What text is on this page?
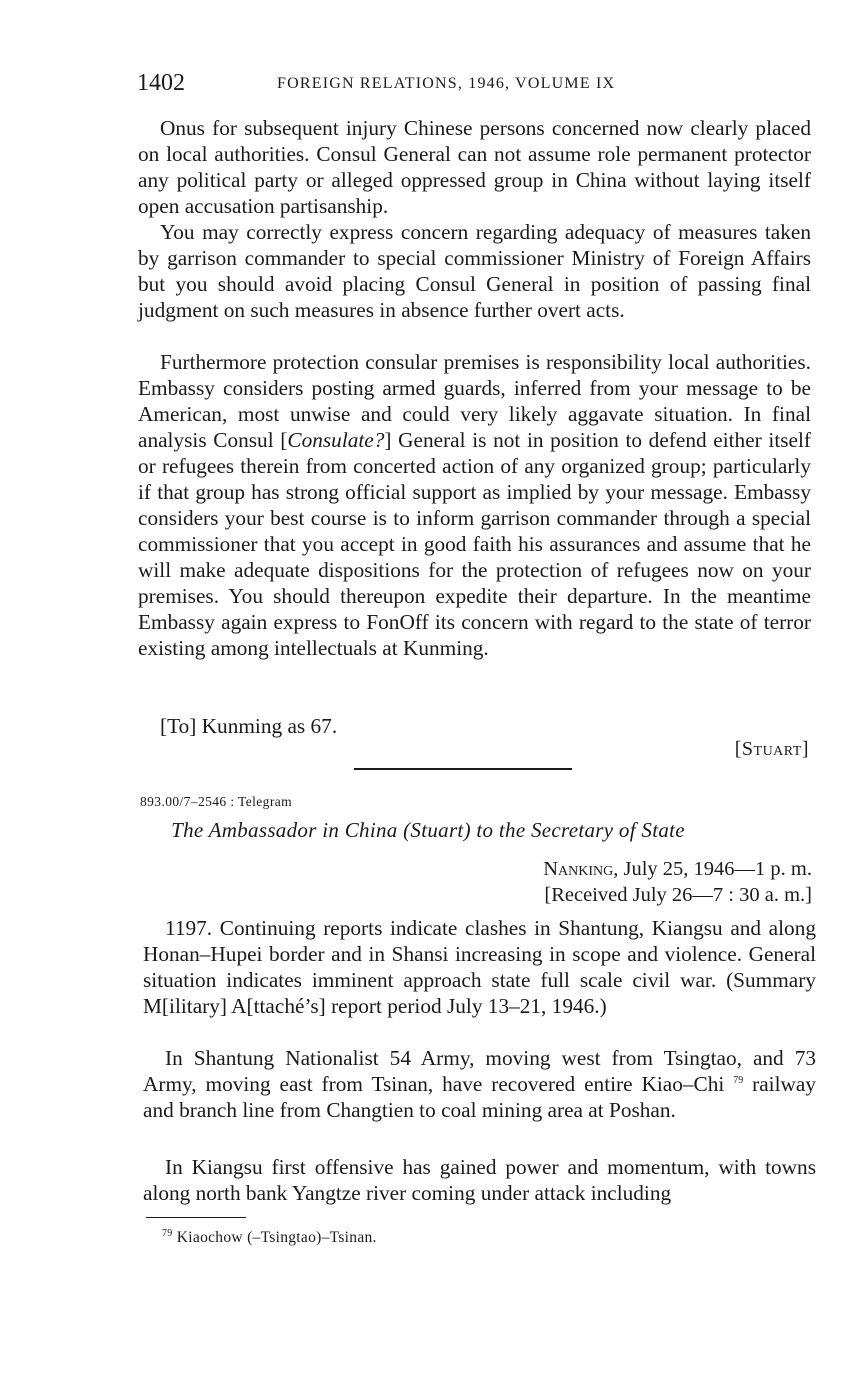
1402	FOREIGN RELATIONS, 1946, VOLUME IX

Onus for subsequent injury Chinese persons concerned now clearly placed on local authorities. Consul General can not assume role permanent protector any political party or alleged oppressed group in China without laying itself open accusation partisanship.

You may correctly express concern regarding adequacy of measures taken by garrison commander to special commissioner Ministry of Foreign Affairs but you should avoid placing Consul General in position of passing final judgment on such measures in absence further overt acts.

Furthermore protection consular premises is responsibility local authorities. Embassy considers posting armed guards, inferred from your message to be American, most unwise and could very likely aggavate situation. In final analysis Consul [Consulate?] General is not in position to defend either itself or refugees therein from concerted action of any organized group; particularly if that group has strong official support as implied by your message. Embassy considers your best course is to inform garrison commander through a special commissioner that you accept in good faith his assurances and assume that he will make adequate dispositions for the protection of refugees now on your premises. You should thereupon expedite their departure. In the meantime Embassy again express to FonOff its concern with regard to the state of terror existing among intellectuals at Kunming.

[To] Kunming as 67.

[Stuart]
893.00/7–2546 : Telegram
The Ambassador in China (Stuart) to the Secretary of State
Nanking, July 25, 1946—1 p. m.
[Received July 26—7 : 30 a. m.]

1197. Continuing reports indicate clashes in Shantung, Kiangsu and along Honan–Hupei border and in Shansi increasing in scope and violence. General situation indicates imminent approach state full scale civil war. (Summary M[ilitary] A[ttaché’s] report period July 13–21, 1946.)

In Shantung Nationalist 54 Army, moving west from Tsingtao, and 73 Army, moving east from Tsinan, have recovered entire Kiao–Chi $^{79}$ railway and branch line from Changtien to coal mining area at Poshan.

In Kiangsu first offensive has gained power and momentum, with towns along north bank Yangtze river coming under attack including

$^{79}$ Kiaochow (–Tsingtao)–Tsinan.
